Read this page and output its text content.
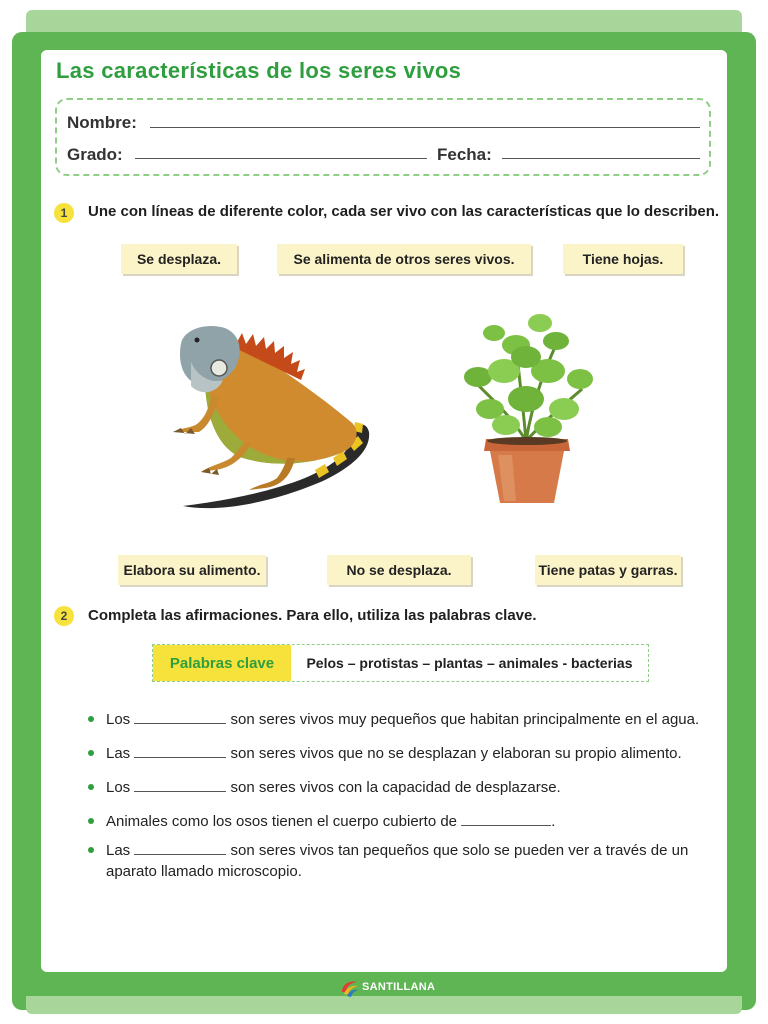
Las características de los seres vivos
Nombre:
Grado:	Fecha:
1	Une con líneas de diferente color, cada ser vivo con las características que lo describen.
Se desplaza.	Se alimenta de otros seres vivos.	Tiene hojas.
Elabora su alimento.	No se desplaza.	Tiene patas y garras.
2	Completa las afirmaciones. Para ello, utiliza las palabras clave.
Palabras clave	Pelos – protistas – plantas – animales - bacterias
Los	son seres vivos muy pequeños que habitan principalmente en el agua.
Las	son seres vivos que no se desplazan y elaboran su propio alimento.
Los	son seres vivos con la capacidad de desplazarse.
Animales como los osos tienen el cuerpo cubierto de	.
Las	son seres vivos tan pequeños que solo se pueden ver a través de un
aparato llamado microscopio.
SANTILLANA
